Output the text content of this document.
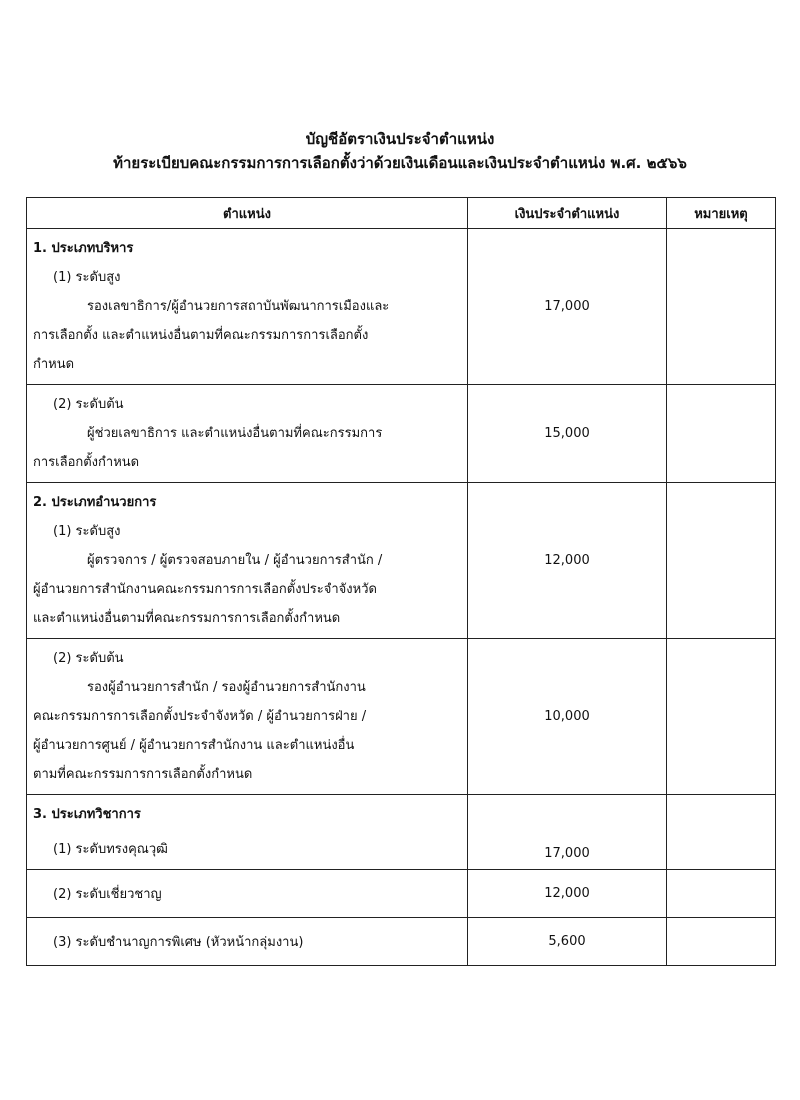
บัญชีอัตราเงินประจำตำแหน่ง
ท้ายระเบียบคณะกรรมการการเลือกตั้งว่าด้วยเงินเดือนและเงินประจำตำแหน่ง พ.ศ. ๒๕๖๖
ตำแหน่ง	เงินประจำตำแหน่ง	หมายเหตุ

1. ประเภทบริหาร
(1) ระดับสูง
รองเลขาธิการ/ผู้อำนวยการสถาบันพัฒนาการเมืองและ
การเลือกตั้ง และตำแหน่งอื่นตามที่คณะกรรมการการเลือกตั้ง
กำหนด	17,000	

(2) ระดับต้น
ผู้ช่วยเลขาธิการ และตำแหน่งอื่นตามที่คณะกรรมการ
การเลือกตั้งกำหนด	15,000	

2. ประเภทอำนวยการ
(1) ระดับสูง
ผู้ตรวจการ / ผู้ตรวจสอบภายใน / ผู้อำนวยการสำนัก /
ผู้อำนวยการสำนักงานคณะกรรมการการเลือกตั้งประจำจังหวัด
และตำแหน่งอื่นตามที่คณะกรรมการการเลือกตั้งกำหนด	12,000	

(2) ระดับต้น
รองผู้อำนวยการสำนัก / รองผู้อำนวยการสำนักงาน
คณะกรรมการการเลือกตั้งประจำจังหวัด / ผู้อำนวยการฝ่าย /
ผู้อำนวยการศูนย์ / ผู้อำนวยการสำนักงาน และตำแหน่งอื่น
ตามที่คณะกรรมการการเลือกตั้งกำหนด	10,000	

3. ประเภทวิชาการ
(1) ระดับทรงคุณวุฒิ	17,000	

(2) ระดับเชี่ยวชาญ	12,000	

(3) ระดับชำนาญการพิเศษ (หัวหน้ากลุ่มงาน)	5,600	
